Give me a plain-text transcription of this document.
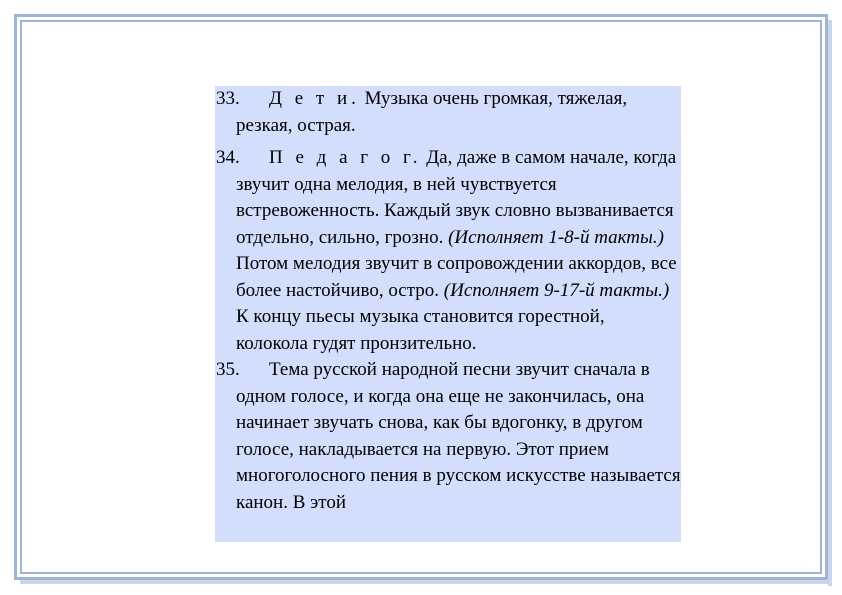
33.	Д е т и. Музыка очень громкая, тяжелая, резкая, острая.

34.	П е д а г о г. Да, даже в самом начале, когда звучит одна мелодия, в ней чувствуется встревоженность. Каждый звук словно вызванивается отдельно, сильно, грозно. (Исполняет 1-8-й такты.) Потом мелодия звучит в сопровождении аккордов, все более настойчиво, остро. (Исполняет 9-17-й такты.) К концу пьесы музыка становится горестной, колокола гудят пронзительно.

35.	Тема русской народной песни звучит сначала в одном голосе, и когда она еще не закончилась, она начинает звучать снова, как бы вдогонку, в другом голосе, накладывается на первую. Этот прием многоголосного пения в русском искусстве называется канон. В этой
